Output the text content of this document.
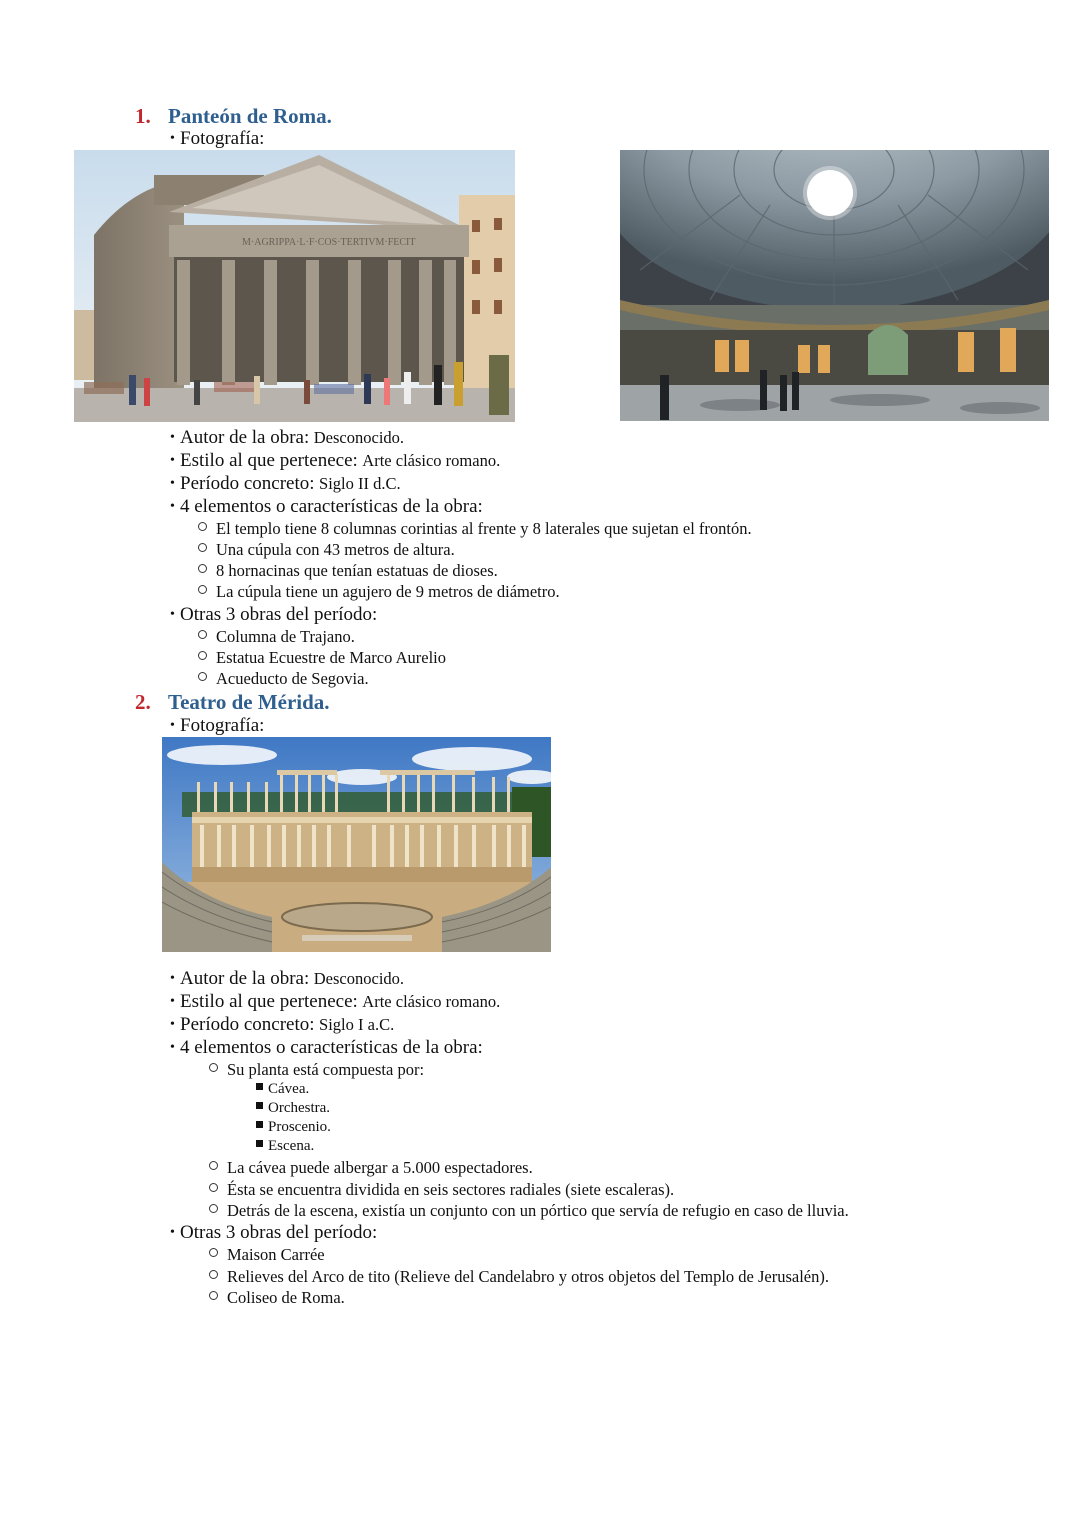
1. Panteón de Roma.
• Fotografía:
M·AGRIPPA·L·F·COS·TERTIVM·FECIT
• Autor de la obra: Desconocido.
• Estilo al que pertenece: Arte clásico romano.
• Período concreto: Siglo II d.C.
• 4 elementos o características de la obra:
El templo tiene 8 columnas corintias al frente y 8 laterales que sujetan el frontón.
Una cúpula con 43 metros de altura.
8 hornacinas que tenían estatuas de dioses.
La cúpula tiene un agujero de 9 metros de diámetro.
• Otras 3 obras del período:
Columna de Trajano.
Estatua Ecuestre de Marco Aurelio
Acueducto de Segovia.
2. Teatro de Mérida.
• Fotografía:
• Autor de la obra: Desconocido.
• Estilo al que pertenece: Arte clásico romano.
• Período concreto: Siglo I a.C.
• 4 elementos o características de la obra:
Su planta está compuesta por:
Cávea.
Orchestra.
Proscenio.
Escena.
La cávea puede albergar a 5.000 espectadores.
Ésta se encuentra dividida en seis sectores radiales (siete escaleras).
Detrás de la escena, existía un conjunto con un pórtico que servía de refugio en caso de lluvia.
• Otras 3 obras del período:
Maison Carrée
Relieves del Arco de tito (Relieve del Candelabro y otros objetos del Templo de Jerusalén).
Coliseo de Roma.
